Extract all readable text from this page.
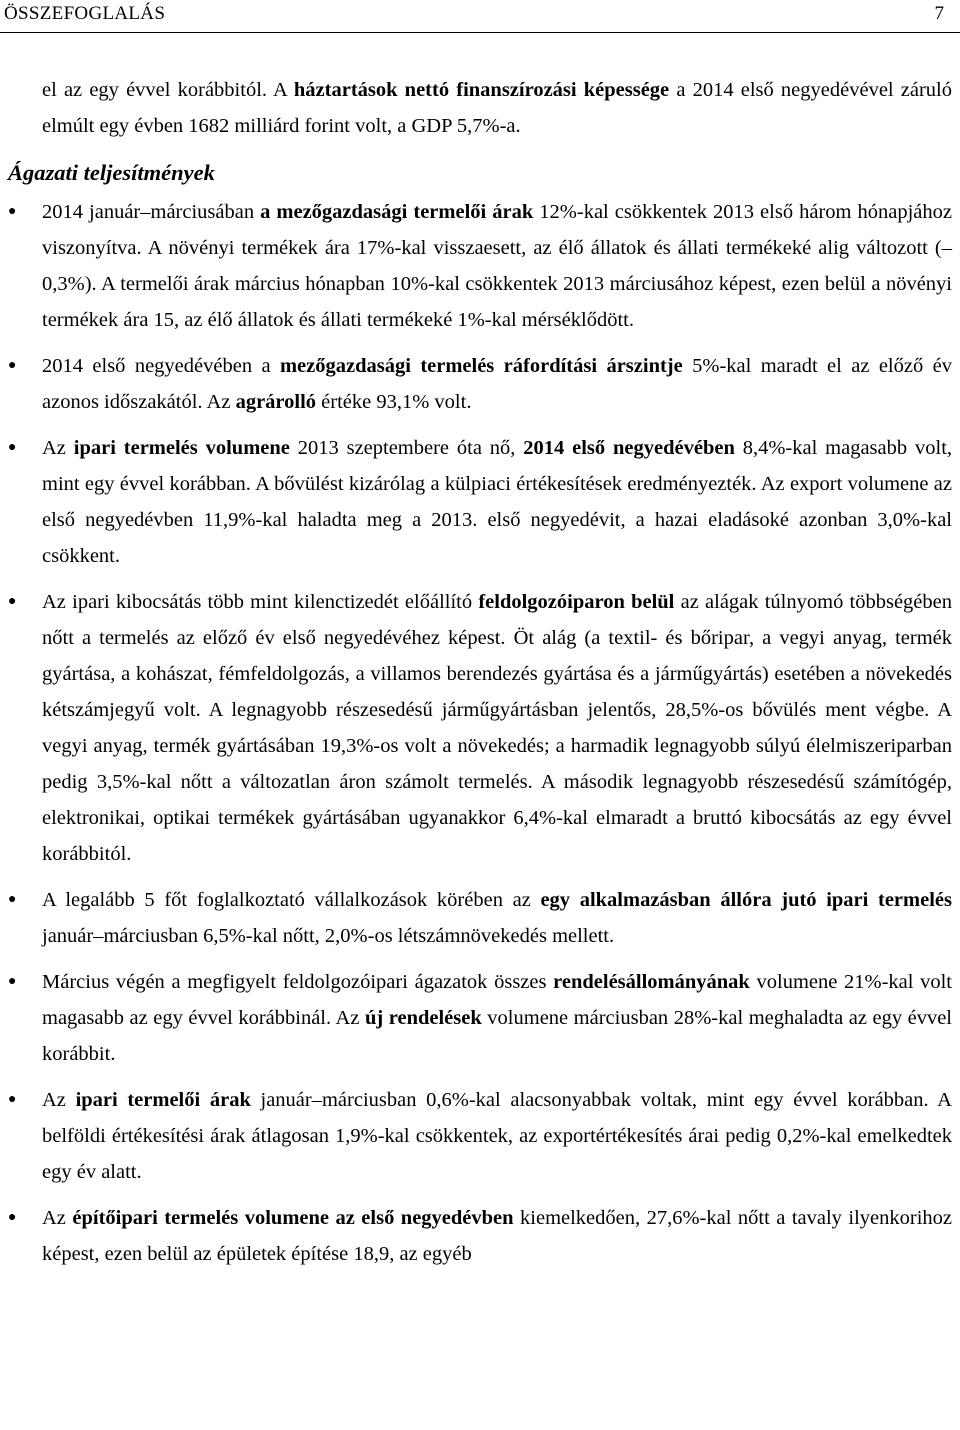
ÖSSZEFOGLALÁS	7

el az egy évvel korábbitól. A háztartások nettó finanszírozási képessége a 2014 első negyedévével záruló elmúlt egy évben 1682 milliárd forint volt, a GDP 5,7%-a.

Ágazati teljesítmények
● 2014 január–márciusában a mezőgazdasági termelői árak 12%-kal csökkentek 2013 első három hónapjához viszonyítva. A növényi termékek ára 17%-kal visszaesett, az élő állatok és állati termékeké alig változott (–0,3%). A termelői árak március hónapban 10%-kal csökkentek 2013 márciusához képest, ezen belül a növényi termékek ára 15, az élő állatok és állati termékeké 1%-kal mérséklődött.
● 2014 első negyedévében a mezőgazdasági termelés ráfordítási árszintje 5%-kal maradt el az előző év azonos időszakától. Az agrárolló értéke 93,1% volt.
● Az ipari termelés volumene 2013 szeptembere óta nő, 2014 első negyedévében 8,4%-kal magasabb volt, mint egy évvel korábban. A bővülést kizárólag a külpiaci értékesítések eredményezték. Az export volumene az első negyedévben 11,9%-kal haladta meg a 2013. első negyedévit, a hazai eladásoké azonban 3,0%-kal csökkent.
● Az ipari kibocsátás több mint kilenctizedét előállító feldolgozóiparon belül az alágak túlnyomó többségében nőtt a termelés az előző év első negyedévéhez képest. Öt alág (a textil- és bőripar, a vegyi anyag, termék gyártása, a kohászat, fémfeldolgozás, a villamos berendezés gyártása és a járműgyártás) esetében a növekedés kétszámjegyű volt. A legnagyobb részesedésű járműgyártásban jelentős, 28,5%-os bővülés ment végbe. A vegyi anyag, termék gyártásában 19,3%-os volt a növekedés; a harmadik legnagyobb súlyú élelmiszeriparban pedig 3,5%-kal nőtt a változatlan áron számolt termelés. A második legnagyobb részesedésű számítógép, elektronikai, optikai termékek gyártásában ugyanakkor 6,4%-kal elmaradt a bruttó kibocsátás az egy évvel korábbitól.
● A legalább 5 főt foglalkoztató vállalkozások körében az egy alkalmazásban állóra jutó ipari termelés január–márciusban 6,5%-kal nőtt, 2,0%-os létszámnövekedés mellett.
● Március végén a megfigyelt feldolgozóipari ágazatok összes rendelésállományának volumene 21%-kal volt magasabb az egy évvel korábbinál. Az új rendelések volumene márciusban 28%-kal meghaladta az egy évvel korábbit.
● Az ipari termelői árak január–márciusban 0,6%-kal alacsonyabbak voltak, mint egy évvel korábban. A belföldi értékesítési árak átlagosan 1,9%-kal csökkentek, az exportértékesítés árai pedig 0,2%-kal emelkedtek egy év alatt.
● Az építőipari termelés volumene az első negyedévben kiemelkedően, 27,6%-kal nőtt a tavaly ilyenkorihoz képest, ezen belül az épületek építése 18,9, az egyéb
